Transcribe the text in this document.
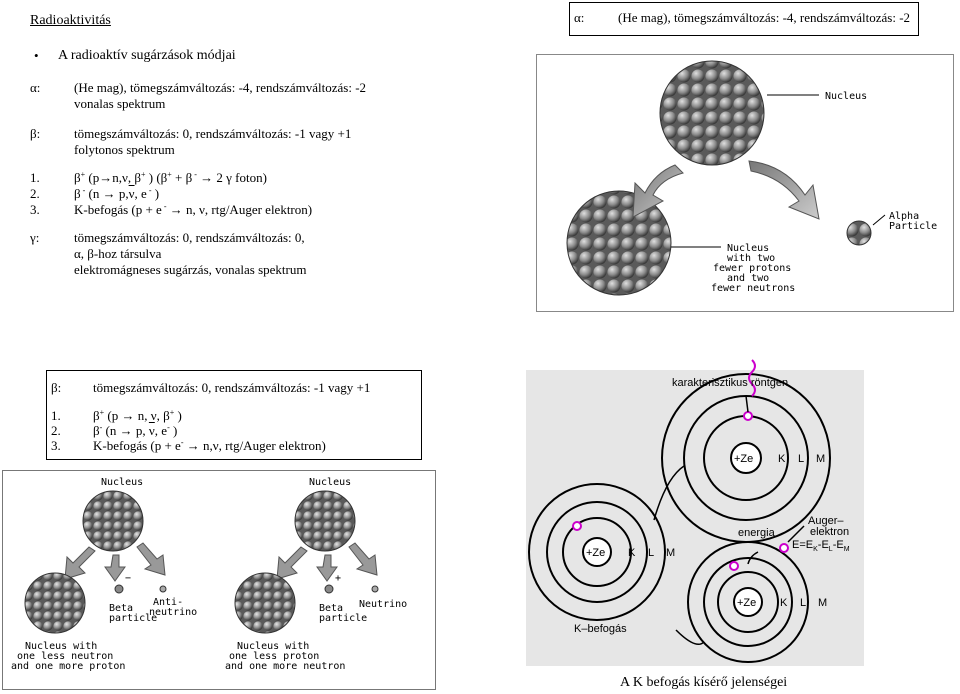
Radioaktivitás	α:	(He mag), tömegszámváltozás: -4, rendszámváltozás: -2
• A radioaktív sugárzások módjai
α:	(He mag), tömegszámváltozás: -4, rendszámváltozás: -2
vonalas spektrum
β:	tömegszámváltozás: 0, rendszámváltozás: -1 vagy +1
folytonos spektrum
1.	β+ (p→n,ν, β+ ) (β+ + β - → 2 γ foton)
2.	β - ($n \to p,\overline{\nu}$, e - )
3.	K-befogás (p + e - → n, ν, rtg/Auger elektron)
γ:	tömegszámváltozás: 0, rendszámváltozás: 0,
α, β-hoz társulva
elektromágneses sugárzás, vonalas spektrum
Nucleus
Alpha
Particle
Nucleus
with two
fewer protons
and two
fewer neutrons
β: tömegszámváltozás: 0, rendszámváltozás: -1 vagy +1
1. β+ (p → n, ν, β+ )
2. β- (n → p, $\overline{\nu}$, e- )
3. K-befogás (p + e- → n,ν, rtg/Auger elektron)
Nucleus
−
Beta
particle
Anti-
neutrino
Nucleus with
one less neutron
and one more proton
Nucleus
+
Beta
particle
Neutrino
Nucleus with
one less proton
and one more neutron
+Ze
karakterisztikus röntgen
K L M
+Ze K L M
K–befogás
+Ze
energia
Auger–
elektron
$E=E_K-E_L-E_M$
K L M
A K befogás kísérő jelenségei
